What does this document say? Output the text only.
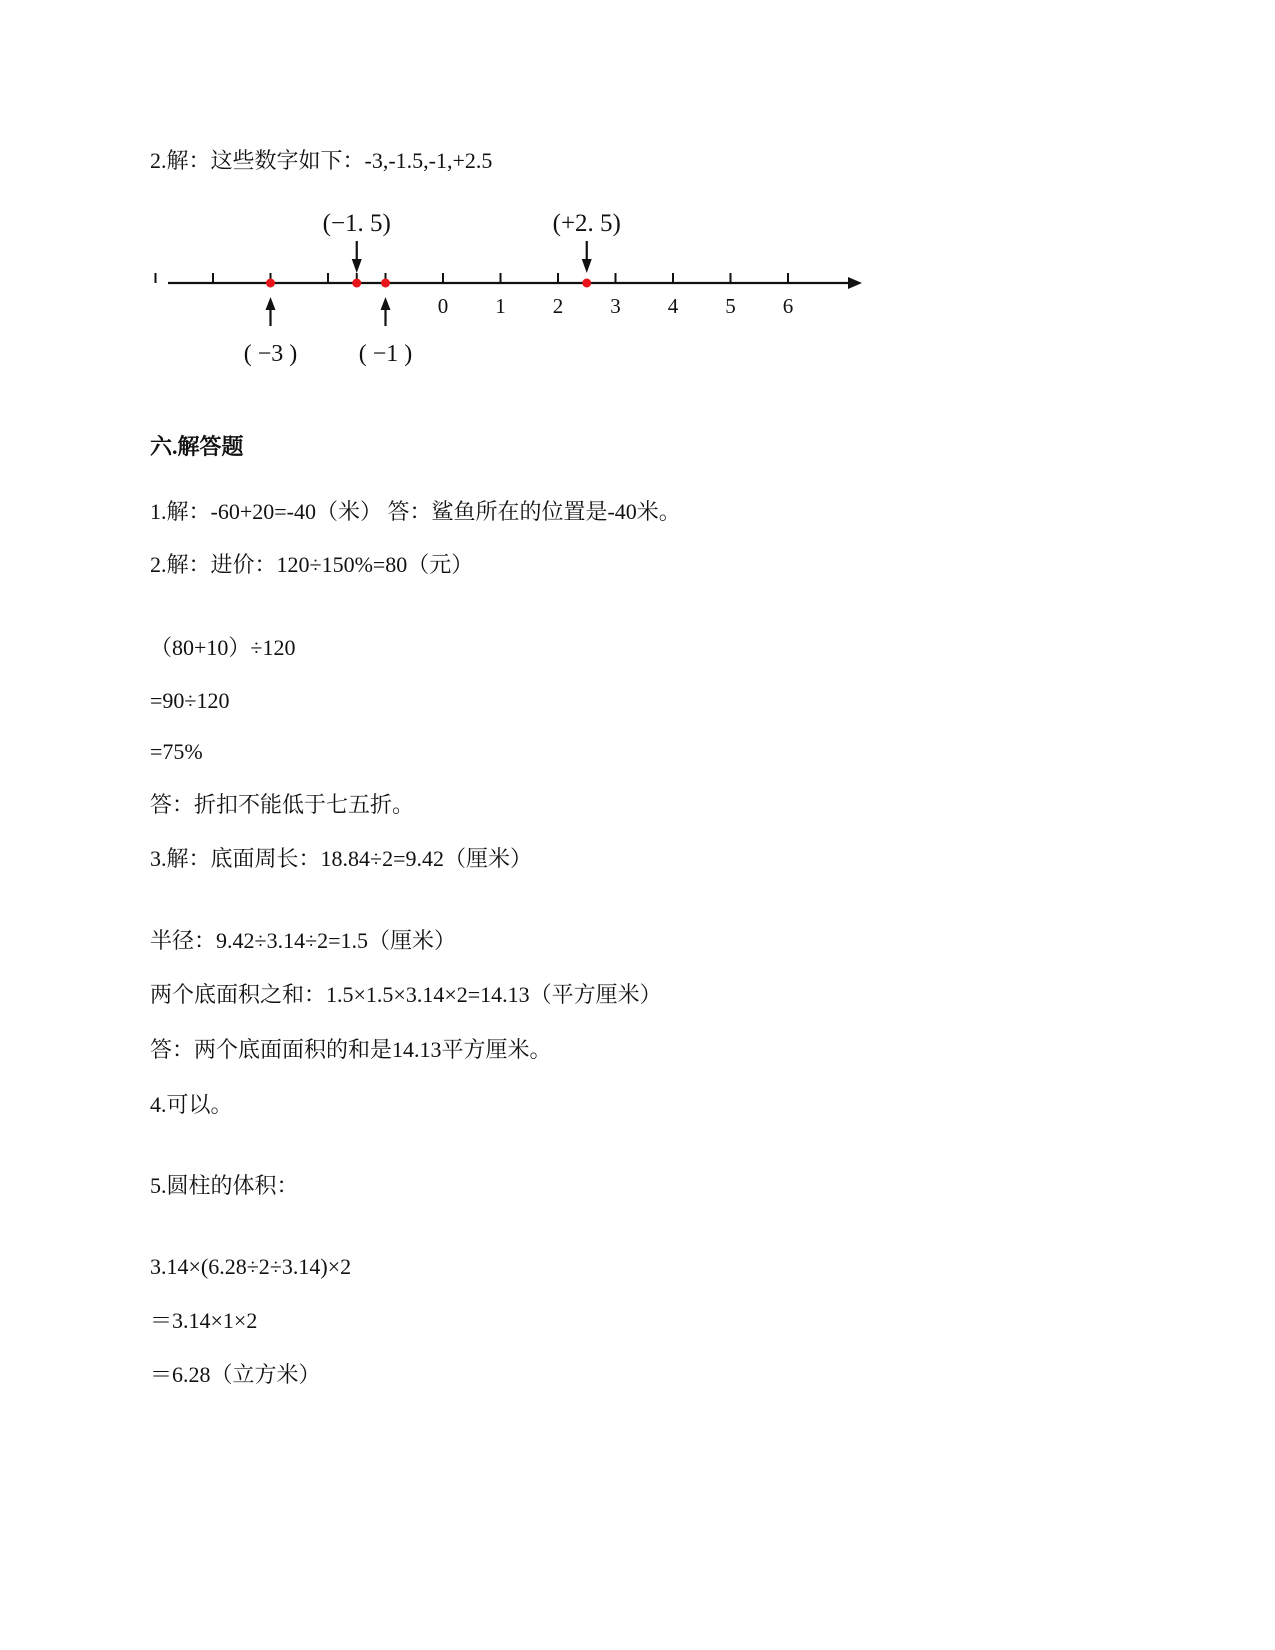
2.解：这些数字如下：-3,-1.5,-1,+2.5
0 1 2 3 4 5 6
( −3 )	( −1 )
(−1. 5)	(+2. 5)
六.解答题
1.解：-60+20=-40（米） 答：鲨鱼所在的位置是-40米。
2.解：进价：120÷150%=80（元）
（80+10）÷120
=90÷120
=75%
答：折扣不能低于七五折。
3.解：底面周长：18.84÷2=9.42（厘米）
半径：9.42÷3.14÷2=1.5（厘米）
两个底面积之和：1.5×1.5×3.14×2=14.13（平方厘米）
答：两个底面面积的和是14.13平方厘米。
4.可以。
5.圆柱的体积：
3.14×(6.28÷2÷3.14)×2
＝3.14×1×2
＝6.28（立方米）
